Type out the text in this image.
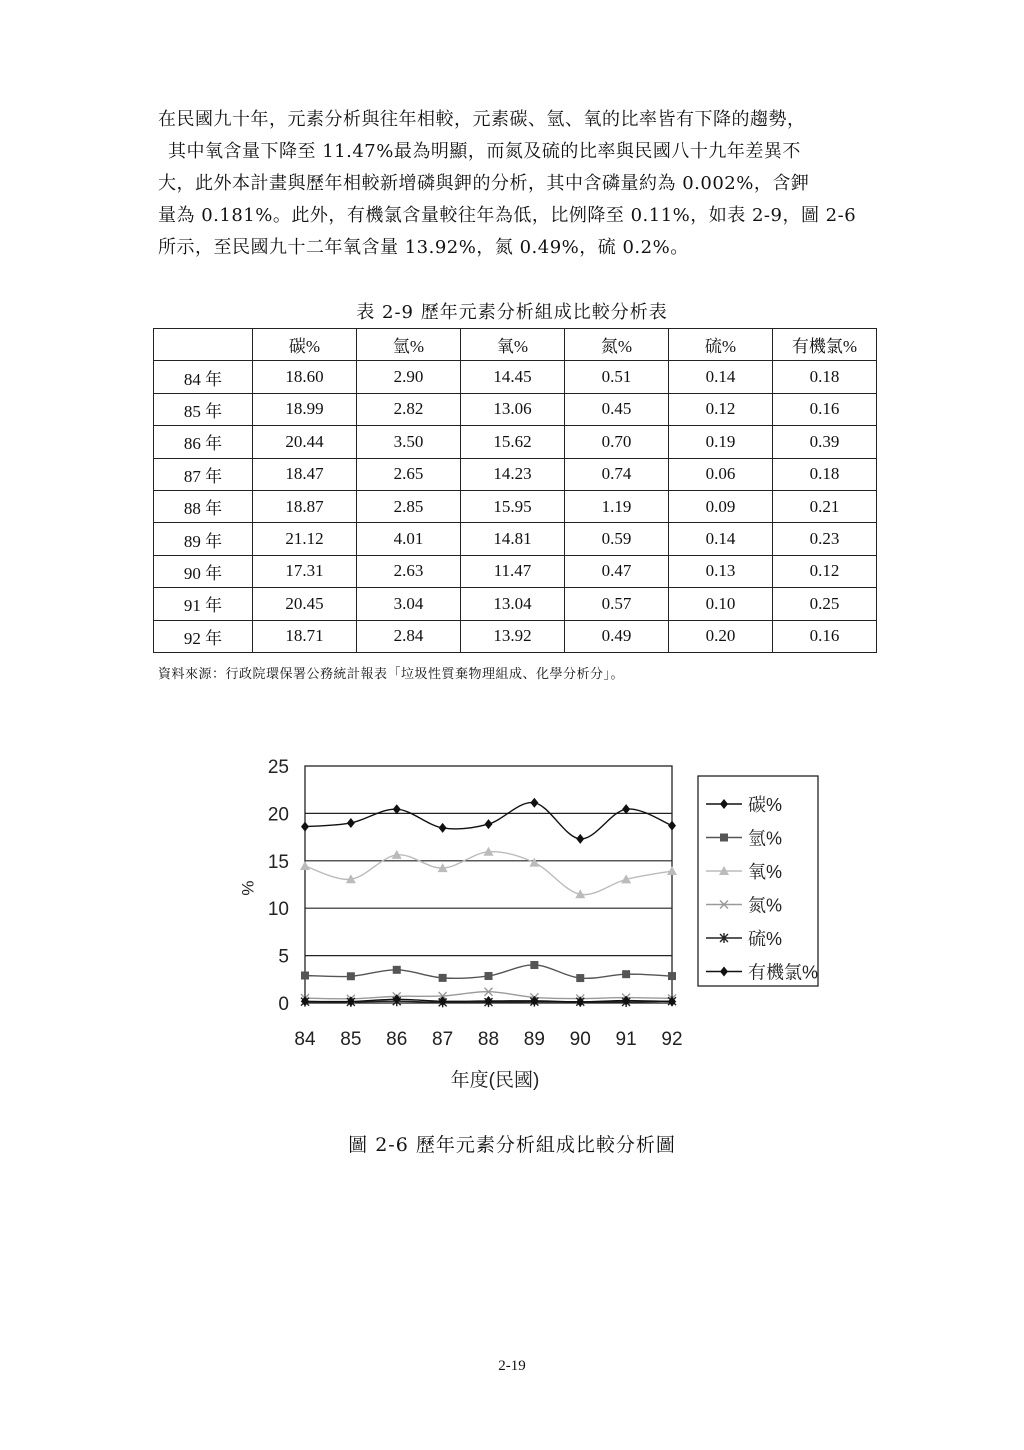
在民國九十年，元素分析與往年相較，元素碳、氫、氧的比率皆有下降的趨勢，
其中氧含量下降至 11.47%最為明顯，而氮及硫的比率與民國八十九年差異不
大，此外本計畫與歷年相較新增磷與鉀的分析，其中含磷量約為 0.002%，含鉀
量為 0.181%。此外，有機氯含量較往年為低，比例降至 0.11%，如表 2-9，圖 2-6
所示，至民國九十二年氧含量 13.92%，氮 0.49%，硫 0.2%。
表 2-9 歷年元素分析組成比較分析表
	碳%	氫%	氧%	氮%	硫%	有機氯%
84 年	18.60	2.90	14.45	0.51	0.14	0.18
85 年	18.99	2.82	13.06	0.45	0.12	0.16
86 年	20.44	3.50	15.62	0.70	0.19	0.39
87 年	18.47	2.65	14.23	0.74	0.06	0.18
88 年	18.87	2.85	15.95	1.19	0.09	0.21
89 年	21.12	4.01	14.81	0.59	0.14	0.23
90 年	17.31	2.63	11.47	0.47	0.13	0.12
91 年	20.45	3.04	13.04	0.57	0.10	0.25
92 年	18.71	2.84	13.92	0.49	0.20	0.16
資料來源：行政院環保署公務統計報表「垃圾性質棄物理組成、化學分析分」。
0
5
10
15
20
25
84 85 86 87 88 89 90 91 92
碳%
氫%
氧%
氮%
硫%
有機氯%
年度(民國)
%
圖 2-6 歷年元素分析組成比較分析圖
2-19
